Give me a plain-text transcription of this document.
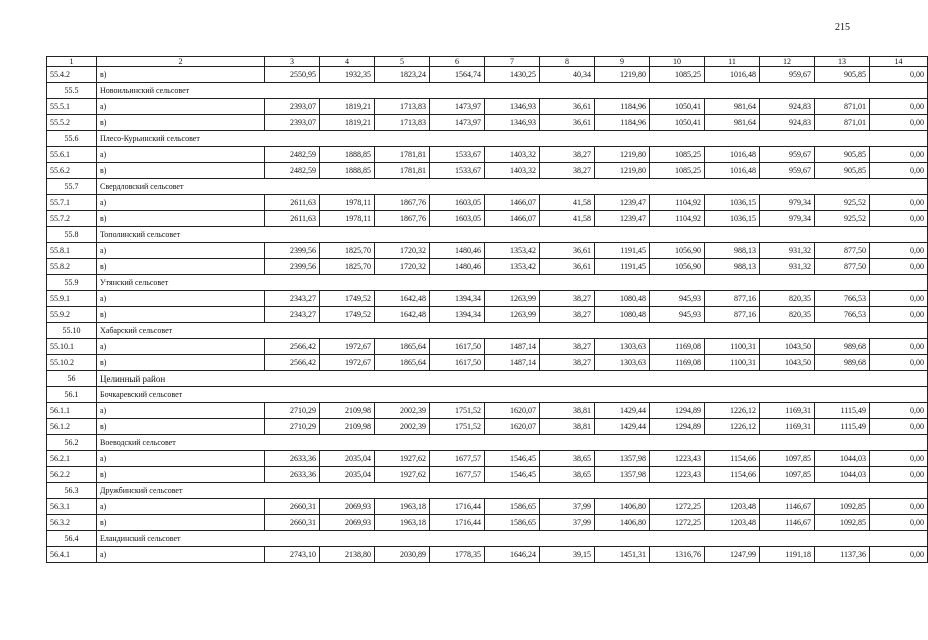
215
1	2	3	4	5	6	7	8	9	10	11	12	13	14
55.4.2	в)	2550,95	1932,35	1823,24	1564,74	1430,25	40,34	1219,80	1085,25	1016,48	959,67	905,85	0,00
55.5	Новоильинский сельсовет												
55.5.1	а)	2393,07	1819,21	1713,83	1473,97	1346,93	36,61	1184,96	1050,41	981,64	924,83	871,01	0,00
55.5.2	в)	2393,07	1819,21	1713,83	1473,97	1346,93	36,61	1184,96	1050,41	981,64	924,83	871,01	0,00
55.6	Плесо-Курьинский сельсовет												
55.6.1	а)	2482,59	1888,85	1781,81	1533,67	1403,32	38,27	1219,80	1085,25	1016,48	959,67	905,85	0,00
55.6.2	в)	2482,59	1888,85	1781,81	1533,67	1403,32	38,27	1219,80	1085,25	1016,48	959,67	905,85	0,00
55.7	Свердловский сельсовет												
55.7.1	а)	2611,63	1978,11	1867,76	1603,05	1466,07	41,58	1239,47	1104,92	1036,15	979,34	925,52	0,00
55.7.2	в)	2611,63	1978,11	1867,76	1603,05	1466,07	41,58	1239,47	1104,92	1036,15	979,34	925,52	0,00
55.8	Тополинский сельсовет												
55.8.1	а)	2399,56	1825,70	1720,32	1480,46	1353,42	36,61	1191,45	1056,90	988,13	931,32	877,50	0,00
55.8.2	в)	2399,56	1825,70	1720,32	1480,46	1353,42	36,61	1191,45	1056,90	988,13	931,32	877,50	0,00
55.9	Утянский сельсовет												
55.9.1	а)	2343,27	1749,52	1642,48	1394,34	1263,99	38,27	1080,48	945,93	877,16	820,35	766,53	0,00
55.9.2	в)	2343,27	1749,52	1642,48	1394,34	1263,99	38,27	1080,48	945,93	877,16	820,35	766,53	0,00
55.10	Хабарский сельсовет												
55.10.1	а)	2566,42	1972,67	1865,64	1617,50	1487,14	38,27	1303,63	1169,08	1100,31	1043,50	989,68	0,00
55.10.2	в)	2566,42	1972,67	1865,64	1617,50	1487,14	38,27	1303,63	1169,08	1100,31	1043,50	989,68	0,00
56	Целинный район												
56.1	Бочкаревский сельсовет												
56.1.1	а)	2710,29	2109,98	2002,39	1751,52	1620,07	38,81	1429,44	1294,89	1226,12	1169,31	1115,49	0,00
56.1.2	в)	2710,29	2109,98	2002,39	1751,52	1620,07	38,81	1429,44	1294,89	1226,12	1169,31	1115,49	0,00
56.2	Воеводский сельсовет												
56.2.1	а)	2633,36	2035,04	1927,62	1677,57	1546,45	38,65	1357,98	1223,43	1154,66	1097,85	1044,03	0,00
56.2.2	в)	2633,36	2035,04	1927,62	1677,57	1546,45	38,65	1357,98	1223,43	1154,66	1097,85	1044,03	0,00
56.3	Дружбинский сельсовет												
56.3.1	а)	2660,31	2069,93	1963,18	1716,44	1586,65	37,99	1406,80	1272,25	1203,48	1146,67	1092,85	0,00
56.3.2	в)	2660,31	2069,93	1963,18	1716,44	1586,65	37,99	1406,80	1272,25	1203,48	1146,67	1092,85	0,00
56.4	Еландинский сельсовет												
56.4.1	а)	2743,10	2138,80	2030,89	1778,35	1646,24	39,15	1451,31	1316,76	1247,99	1191,18	1137,36	0,00
